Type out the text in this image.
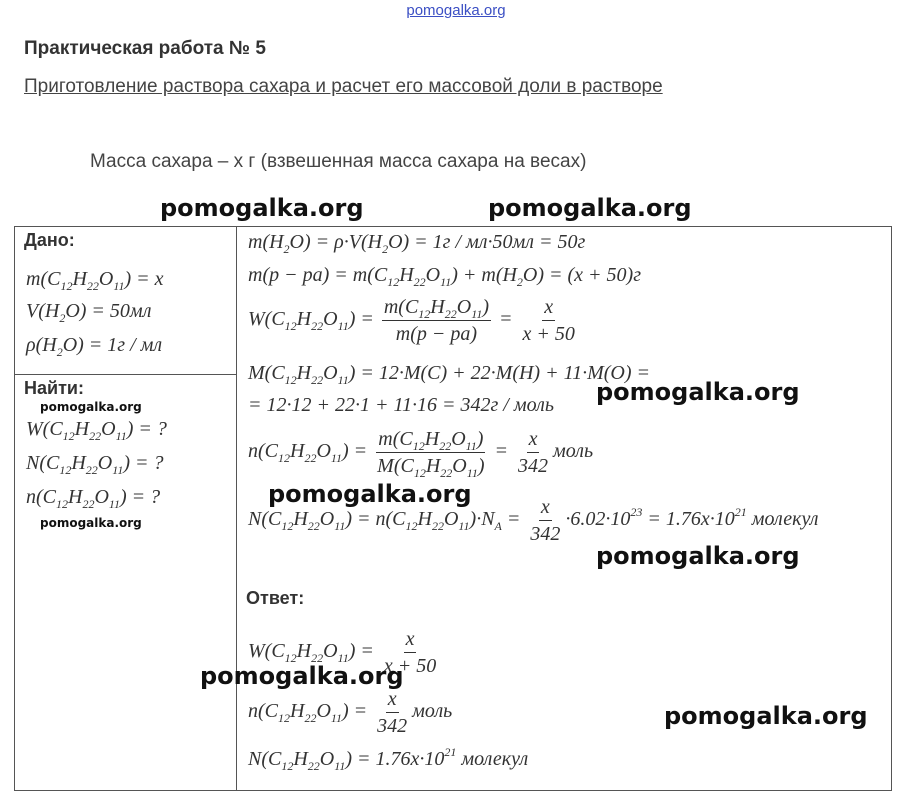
pomogalka.org
Практическая работа № 5
Приготовление раствора сахара и расчет его массовой доли в растворе
Масса сахара – x г (взвешенная масса сахара на весах)
pomogalka.org	pomogalka.org
Дано:
$m(C_{12}H_{22}O_{11}) = x$
$V(H_2O) = 50мл$
$\rho(H_2O) = 1г$ / мл
Найти:
pomogalka.org
$W(C_{12}H_{22}O_{11})$ = ?
$N(C_{12}H_{22}O_{11})$ = ?
$n(C_{12}H_{22}O_{11})$ = ?
pomogalka.org
$m(H_2O) = \rho\cdot V(H_2O) = 1г / мл\cdot 50мл = 50г$
$m(р - ра) = m(C_{12}H_{22}O_{11}) + m(H_2O) = (x + 50)г$
$W(C_{12}H_{22}O_{11}) = \frac{m(C_{12}H_{22}O_{11})}{m(р - ра)} = \frac{x}{x + 50}$
$M(C_{12}H_{22}O_{11}) = 12\cdot M(C) + 22\cdot M(H) + 11\cdot M(O)$ =
= 12·12 + 22·1 + 11·16 = 342г / моль pomogalka.org
$n(C_{12}H_{22}O_{11}) = \frac{m(C_{12}H_{22}O_{11})}{M(C_{12}H_{22}O_{11})} = \frac{x}{342}$ моль
pomogalka.org
$N(C_{12}H_{22}O_{11}) = n(C_{12}H_{22}O_{11})\cdot N_A = \frac{x}{342} \cdot 6.02\cdot 10^{23} = 1.76x\cdot 10^{21}$ молекул
pomogalka.org
Ответ:
$W(C_{12}H_{22}O_{11}) = \frac{x}{x + 50}$
pomogalka.org
$n(C_{12}H_{22}O_{11}) = \frac{x}{342}$ моль	pomogalka.org
$N(C_{12}H_{22}O_{11}) = 1.76x\cdot 10^{21}$ молекул
